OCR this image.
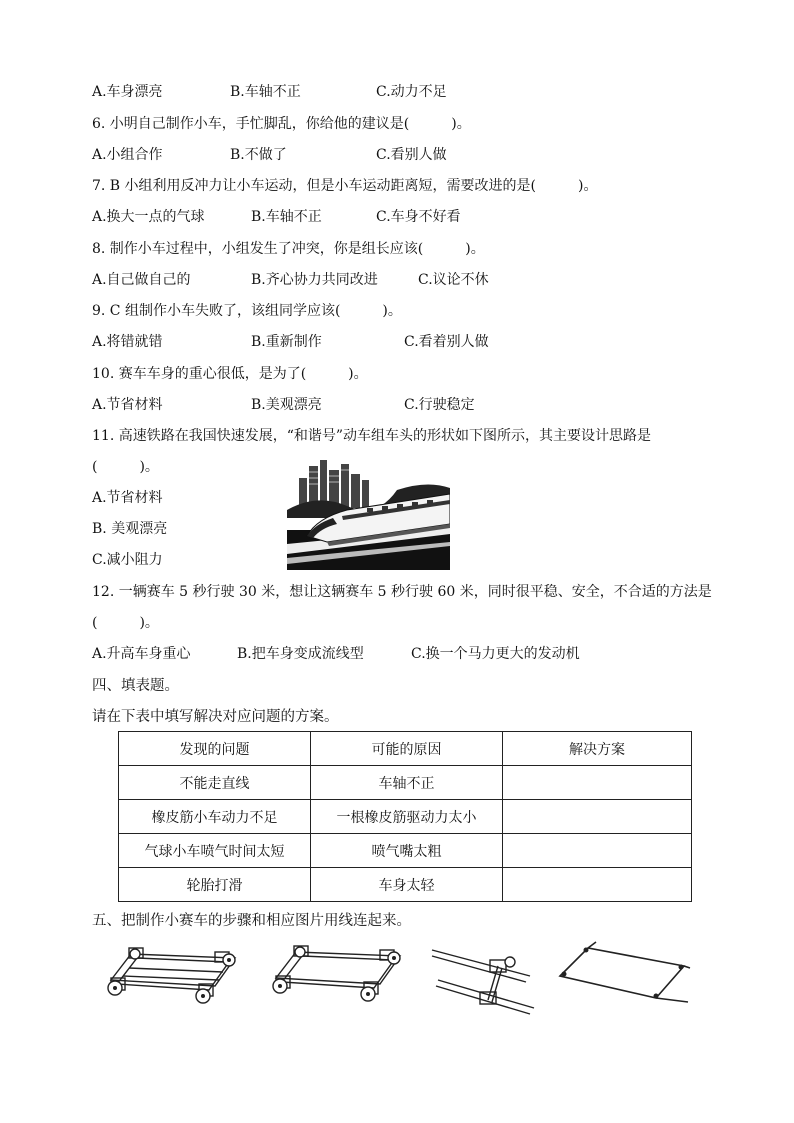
A.车身漂亮	B.车轴不正	C.动力不足
6. 小明自己制作小车，手忙脚乱，你给他的建议是(　　　)。
A.小组合作	B.不做了	C.看别人做
7. B 小组利用反冲力让小车运动，但是小车运动距离短，需要改进的是(　　　)。
A.换大一点的气球	B.车轴不正	C.车身不好看
8. 制作小车过程中，小组发生了冲突，你是组长应该(　　　)。
A.自己做自己的	B.齐心协力共同改进	C.议论不休
9. C 组制作小车失败了，该组同学应该(　　　)。
A.将错就错	B.重新制作	C.看着别人做
10. 赛车车身的重心很低，是为了(　　　)。
A.节省材料	B.美观漂亮	C.行驶稳定
11. 高速铁路在我国快速发展，“和谐号”动车组车头的形状如下图所示，其主要设计思路是
(　　　)。
A.节省材料
B. 美观漂亮
C.减小阻力
12. 一辆赛车 5 秒行驶 30 米，想让这辆赛车 5 秒行驶 60 米，同时很平稳、安全，不合适的方法是
(　　　)。
A.升高车身重心	B.把车身变成流线型	C.换一个马力更大的发动机
四、填表题。
请在下表中填写解决对应问题的方案。
发现的问题	可能的原因	解决方案
不能走直线	车轴不正	
橡皮筋小车动力不足	一根橡皮筋驱动力太小	
气球小车喷气时间太短	喷气嘴太粗	
轮胎打滑	车身太轻	
五、把制作小赛车的步骤和相应图片用线连起来。
